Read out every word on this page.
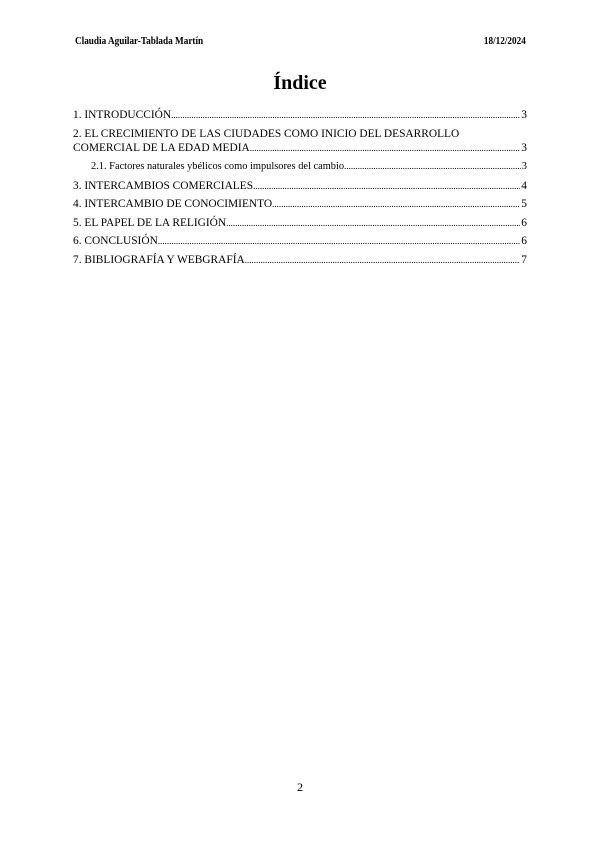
Claudia Aguilar-Tablada Martín	18/12/2024
Índice
1. INTRODUCCIÓN .....	3
2. EL CRECIMIENTO DE LAS CIUDADES COMO INICIO DEL DESARROLLO
COMERCIAL DE LA EDAD MEDIA .....	3
2.1. Factores naturales ybélicos como impulsores del cambio .....	3
3. INTERCAMBIOS COMERCIALES .....	4
4. INTERCAMBIO DE CONOCIMIENTO .....	5
5. EL PAPEL DE LA RELIGIÓN .....	6
6. CONCLUSIÓN .....	6
7. BIBLIOGRAFÍA Y WEBGRAFÍA .....	7
2
